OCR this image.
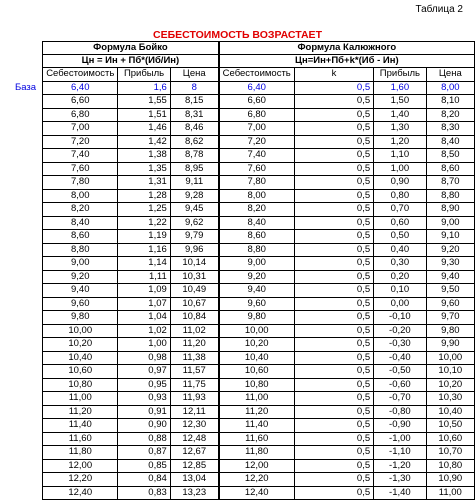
Таблица 2
СЕБЕСТОИМОСТЬ ВОЗРАСТАЕТ
	Формула Бойко			Формула Калюжного			
	Цн = Ин + Пб*(Иб/Ин)			Цн=Ин+Пб+k*(Иб - Ин)			
	Себестоимость	Прибыль	Цена	Себестоимость	k	Прибыль	Цена
База	6,40	1,6	8	6,40	0,5	1,60	8,00
	6,60	1,55	8,15	6,60	0,5	1,50	8,10
	6,80	1,51	8,31	6,80	0,5	1,40	8,20
	7,00	1,46	8,46	7,00	0,5	1,30	8,30
	7,20	1,42	8,62	7,20	0,5	1,20	8,40
	7,40	1,38	8,78	7,40	0,5	1,10	8,50
	7,60	1,35	8,95	7,60	0,5	1,00	8,60
	7,80	1,31	9,11	7,80	0,5	0,90	8,70
	8,00	1,28	9,28	8,00	0,5	0,80	8,80
	8,20	1,25	9,45	8,20	0,5	0,70	8,90
	8,40	1,22	9,62	8,40	0,5	0,60	9,00
	8,60	1,19	9,79	8,60	0,5	0,50	9,10
	8,80	1,16	9,96	8,80	0,5	0,40	9,20
	9,00	1,14	10,14	9,00	0,5	0,30	9,30
	9,20	1,11	10,31	9,20	0,5	0,20	9,40
	9,40	1,09	10,49	9,40	0,5	0,10	9,50
	9,60	1,07	10,67	9,60	0,5	0,00	9,60
	9,80	1,04	10,84	9,80	0,5	-0,10	9,70
	10,00	1,02	11,02	10,00	0,5	-0,20	9,80
	10,20	1,00	11,20	10,20	0,5	-0,30	9,90
	10,40	0,98	11,38	10,40	0,5	-0,40	10,00
	10,60	0,97	11,57	10,60	0,5	-0,50	10,10
	10,80	0,95	11,75	10,80	0,5	-0,60	10,20
	11,00	0,93	11,93	11,00	0,5	-0,70	10,30
	11,20	0,91	12,11	11,20	0,5	-0,80	10,40
	11,40	0,90	12,30	11,40	0,5	-0,90	10,50
	11,60	0,88	12,48	11,60	0,5	-1,00	10,60
	11,80	0,87	12,67	11,80	0,5	-1,10	10,70
	12,00	0,85	12,85	12,00	0,5	-1,20	10,80
	12,20	0,84	13,04	12,20	0,5	-1,30	10,90
	12,40	0,83	13,23	12,40	0,5	-1,40	11,00
